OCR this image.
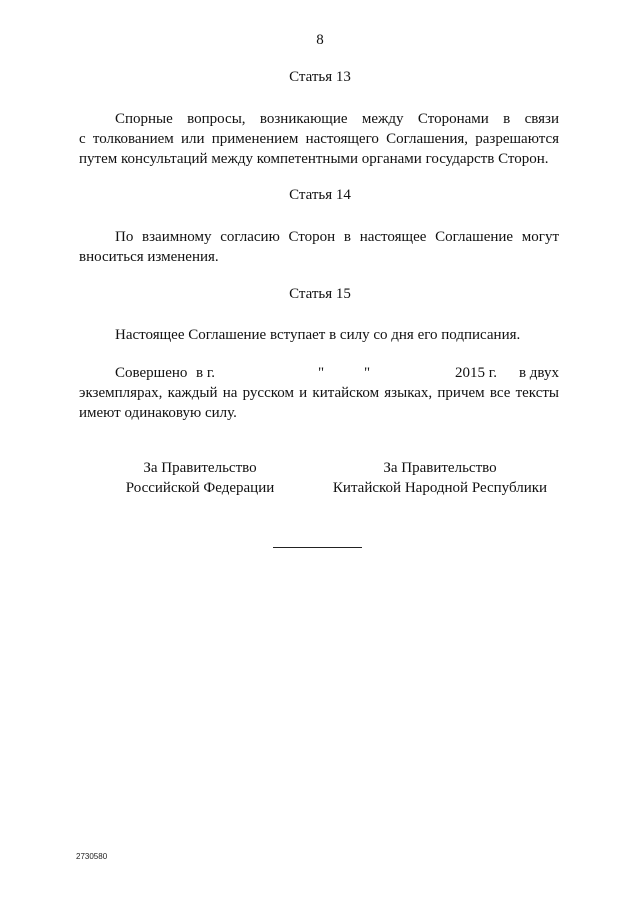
8
Статья 13
Спорные вопросы, возникающие между Сторонами в связи
с толкованием или применением настоящего Соглашения, разрешаются
путем консультаций между компетентными органами государств Сторон.
Статья 14
По взаимному согласию Сторон в настоящее Соглашение могут
вноситься изменения.
Статья 15
Настоящее Соглашение вступает в силу со дня его подписания.
Совершено в г.	"	"	2015 г. в двух
экземплярах, каждый на русском и китайском языках, причем все тексты
имеют одинаковую силу.
За Правительство
Российской Федерации
За Правительство
Китайской Народной Республики
2730580
